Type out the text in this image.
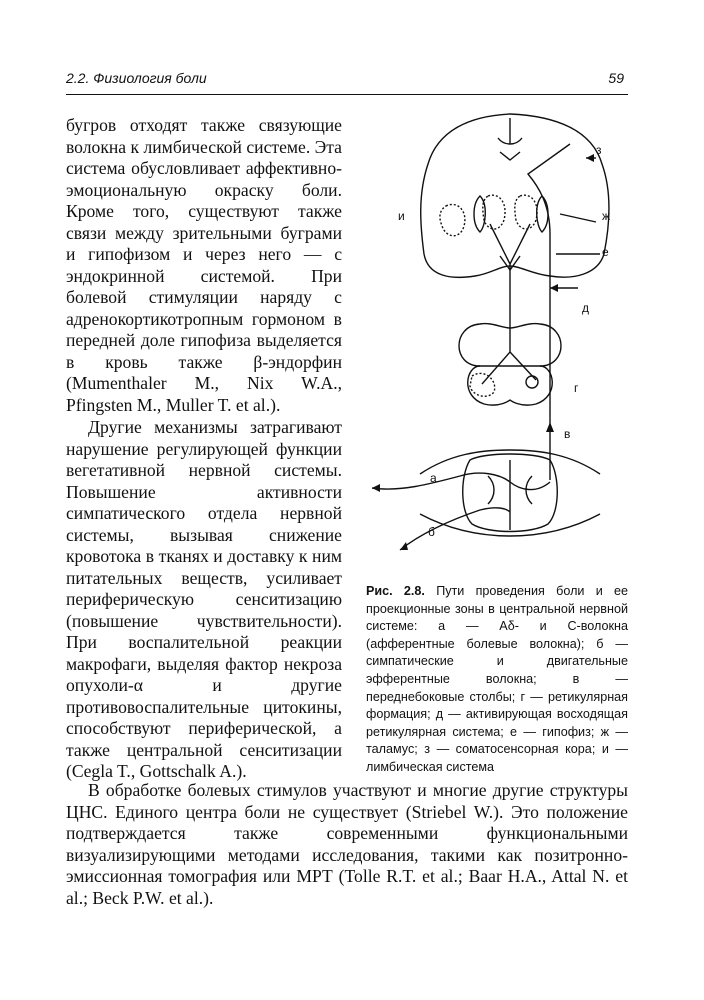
2.2. Физиология боли	59

бугров отходят также связующие волокна к лимбической системе. Эта система обусловливает аффективно-эмоциональную окраску боли. Кроме того, существуют также связи между зрительными буграми и гипофизом и через него — с эндокринной системой. При болевой стимуляции наряду с адренокортикотропным гормоном в передней доле гипофиза выделяется в кровь также β-эндорфин (Mumenthaler M., Nix W.A., Pfingsten M., Muller T. et al.).

Другие механизмы затрагивают нарушение регулирующей функции вегетативной нервной системы. Повышение активности симпатического отдела нервной системы, вызывая снижение кровотока в тканях и доставку к ним питательных веществ, усиливает периферическую сенситизацию (повышение чувствительности). При воспалительной реакции макрофаги, выделяя фактор некроза опухоли-α и другие противовоспалительные цитокины, способствуют периферической, а также центральной сенситизации (Cegla T., Gottschalk A.).

з
и	ж
е
д
г
в
а
б

Рис. 2.8. Пути проведения боли и ее проекционные зоны в центральной нервной системе: а — Aδ- и С-волокна (афферентные болевые волокна); б — симпатические и двигательные эфферентные волокна; в — переднебоковые столбы; г — ретикулярная формация; д — активирующая восходящая ретикулярная система; е — гипофиз; ж — таламус; з — соматосенсорная кора; и — лимбическая система

В обработке болевых стимулов участвуют и многие другие структуры ЦНС. Единого центра боли не существует (Striebel W.). Это положение подтверждается также современными функциональными визуализирующими методами исследования, такими как позитронно-эмиссионная томография или МРТ (Tolle R.T. et al.; Baar H.A., Attal N. et al.; Beck P.W. et al.).
